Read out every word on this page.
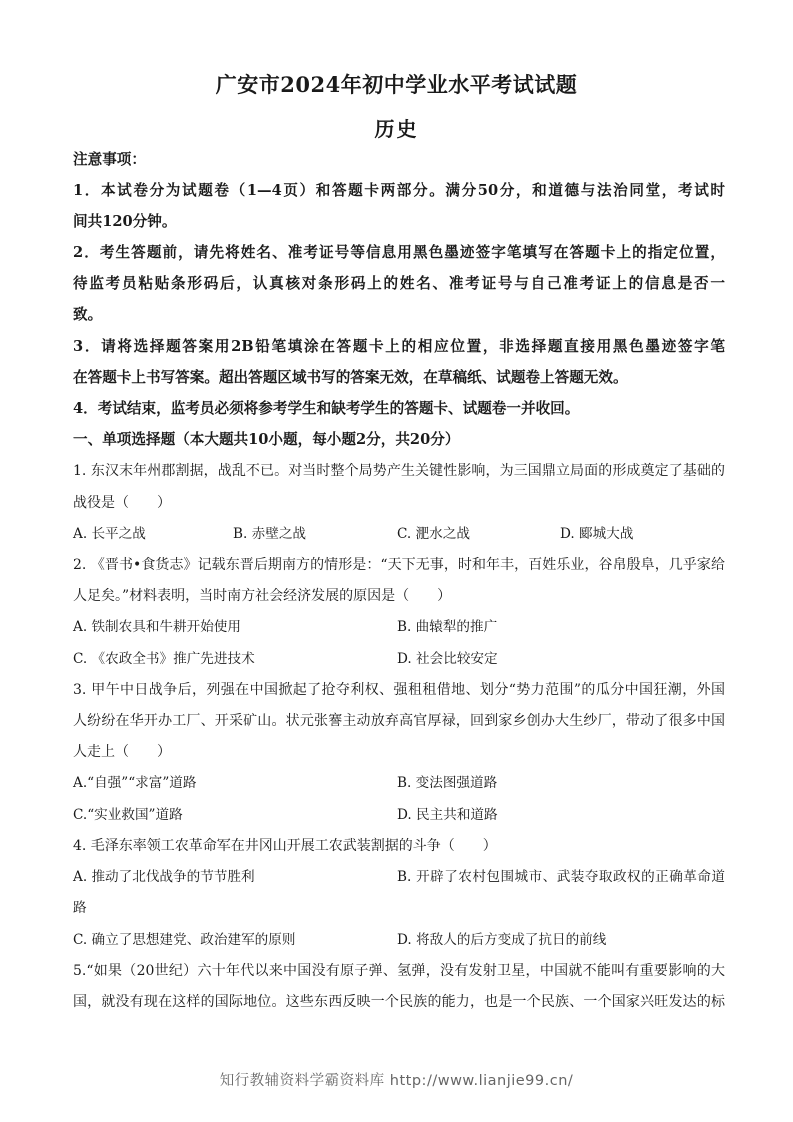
广安市2024年初中学业水平考试试题
历史
注意事项：
1．本试卷分为试题卷（1—4页）和答题卡两部分。满分50分，和道德与法治同堂，考试时
间共120分钟。
2．考生答题前，请先将姓名、准考证号等信息用黑色墨迹签字笔填写在答题卡上的指定位置，
待监考员粘贴条形码后，认真核对条形码上的姓名、准考证号与自己准考证上的信息是否一
致。
3．请将选择题答案用2B铅笔填涂在答题卡上的相应位置，非选择题直接用黑色墨迹签字笔
在答题卡上书写答案。超出答题区域书写的答案无效，在草稿纸、试题卷上答题无效。
4．考试结束，监考员必须将参考学生和缺考学生的答题卡、试题卷一并收回。
一、单项选择题（本大题共10小题，每小题2分，共20分）
1. 东汉末年州郡割据，战乱不已。对当时整个局势产生关键性影响，为三国鼎立局面的形成奠定了基础的
战役是（　　）
A. 长平之战	B. 赤壁之战	C. 淝水之战	D. 郾城大战
2. 《晋书•食货志》记载东晋后期南方的情形是：“天下无事，时和年丰，百姓乐业，谷帛殷阜，几乎家给
人足矣。”材料表明，当时南方社会经济发展的原因是（　　）
A. 铁制农具和牛耕开始使用	B. 曲辕犁的推广
C. 《农政全书》推广先进技术	D. 社会比较安定
3. 甲午中日战争后，列强在中国掀起了抢夺利权、强租租借地、划分“势力范围”的瓜分中国狂潮，外国
人纷纷在华开办工厂、开采矿山。状元张謇主动放弃高官厚禄，回到家乡创办大生纱厂，带动了很多中国
人走上（　　）
A.“自强”“求富”道路	B. 变法图强道路
C.“实业救国”道路	D. 民主共和道路
4. 毛泽东率领工农革命军在井冈山开展工农武装割据的斗争（　　）
A. 推动了北伐战争的节节胜利	B. 开辟了农村包围城市、武装夺取政权的正确革命道
路
C. 确立了思想建党、政治建军的原则	D. 将敌人的后方变成了抗日的前线
5.“如果（20世纪）六十年代以来中国没有原子弹、氢弹，没有发射卫星，中国就不能叫有重要影响的大
国，就没有现在这样的国际地位。这些东西反映一个民族的能力，也是一个民族、一个国家兴旺发达的标
知行教辅资料学霸资料库 http://www.lianjie99.cn/
